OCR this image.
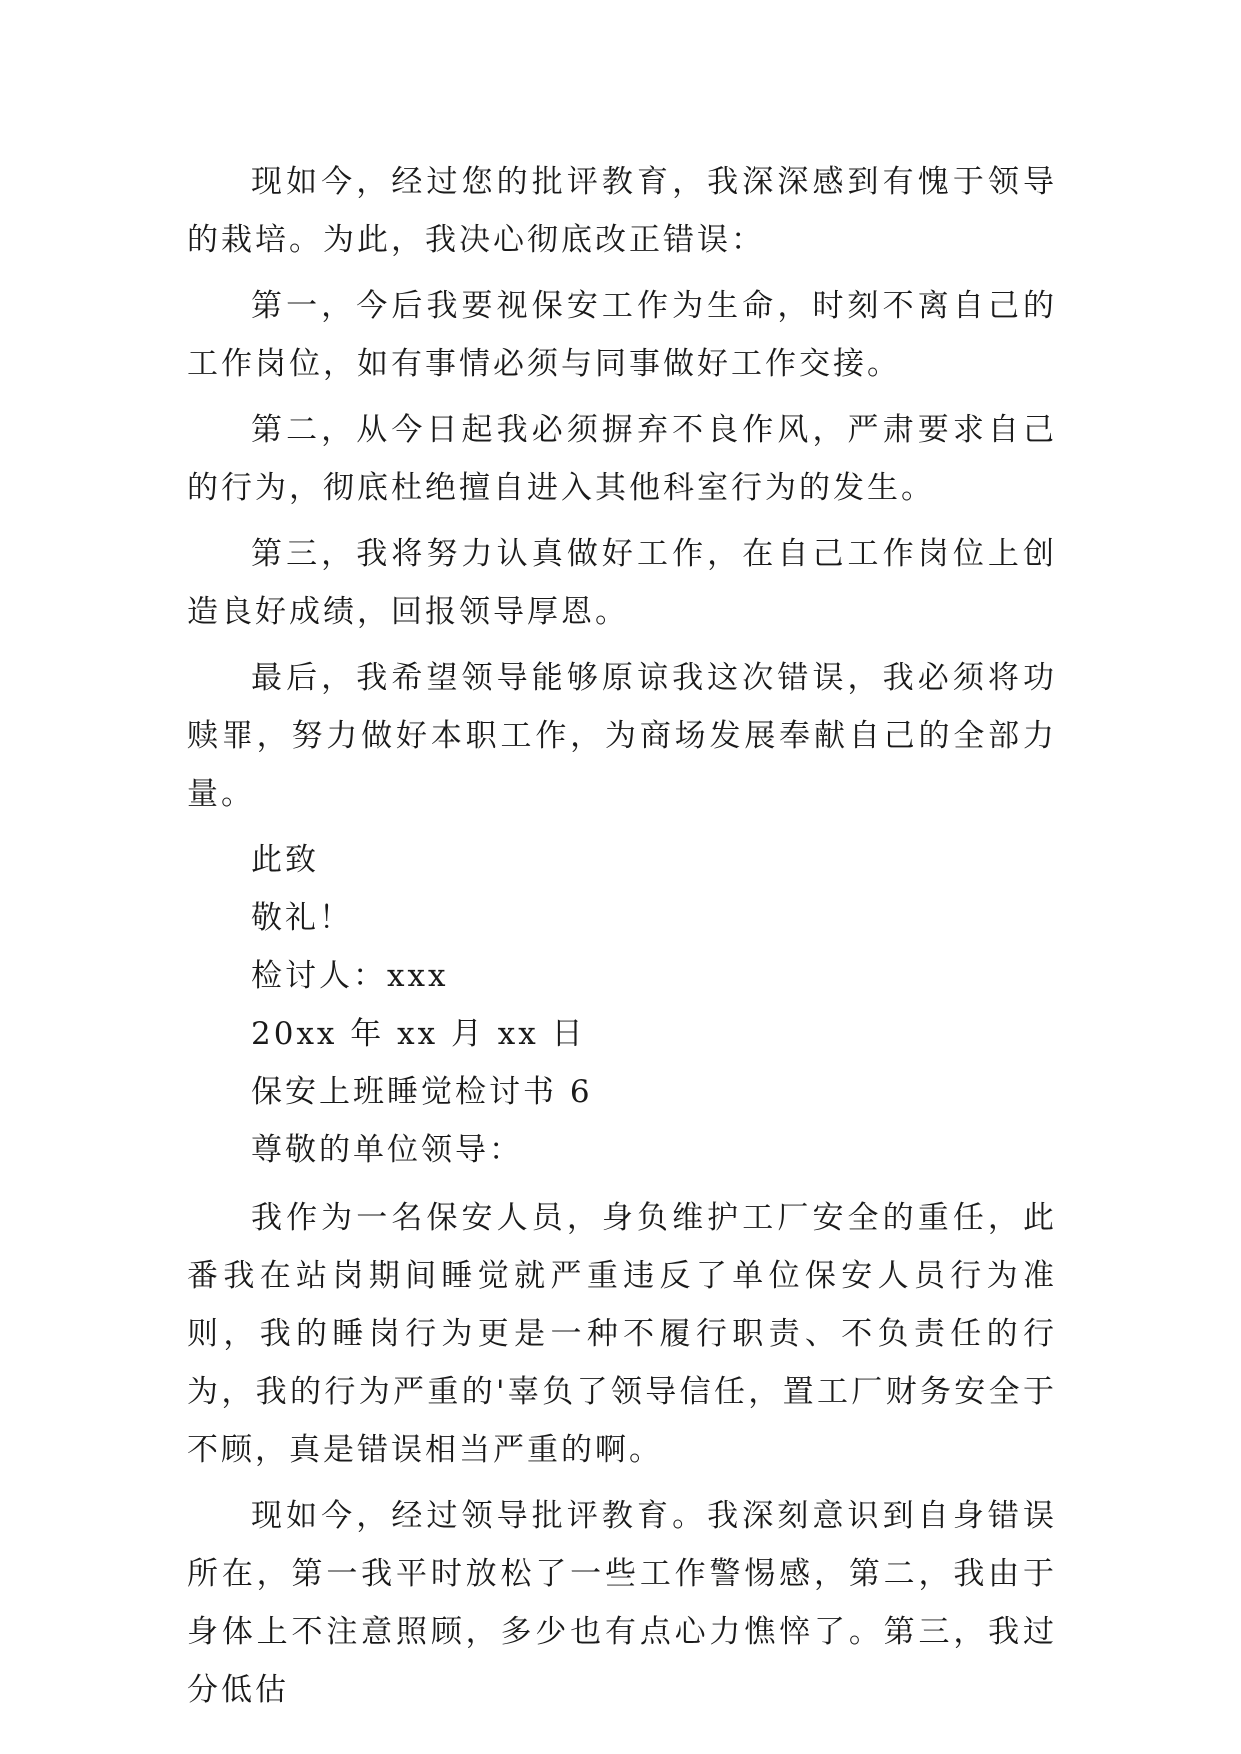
现如今，经过您的批评教育，我深深感到有愧于领导的栽培。为此，我决心彻底改正错误：

第一，今后我要视保安工作为生命，时刻不离自己的工作岗位，如有事情必须与同事做好工作交接。

第二，从今日起我必须摒弃不良作风，严肃要求自己的行为，彻底杜绝擅自进入其他科室行为的发生。

第三，我将努力认真做好工作，在自己工作岗位上创造良好成绩，回报领导厚恩。

最后，我希望领导能够原谅我这次错误，我必须将功赎罪，努力做好本职工作，为商场发展奉献自己的全部力量。

此致

敬礼！

检讨人：xxx

20xx 年 xx 月 xx 日

保安上班睡觉检讨书 6

尊敬的单位领导：

我作为一名保安人员，身负维护工厂安全的重任，此番我在站岗期间睡觉就严重违反了单位保安人员行为准则，我的睡岗行为更是一种不履行职责、不负责任的行为，我的行为严重的'辜负了领导信任，置工厂财务安全于不顾，真是错误相当严重的啊。

现如今，经过领导批评教育。我深刻意识到自身错误所在，第一我平时放松了一些工作警惕感，第二，我由于身体上不注意照顾，多少也有点心力憔悴了。第三，我过分低估
